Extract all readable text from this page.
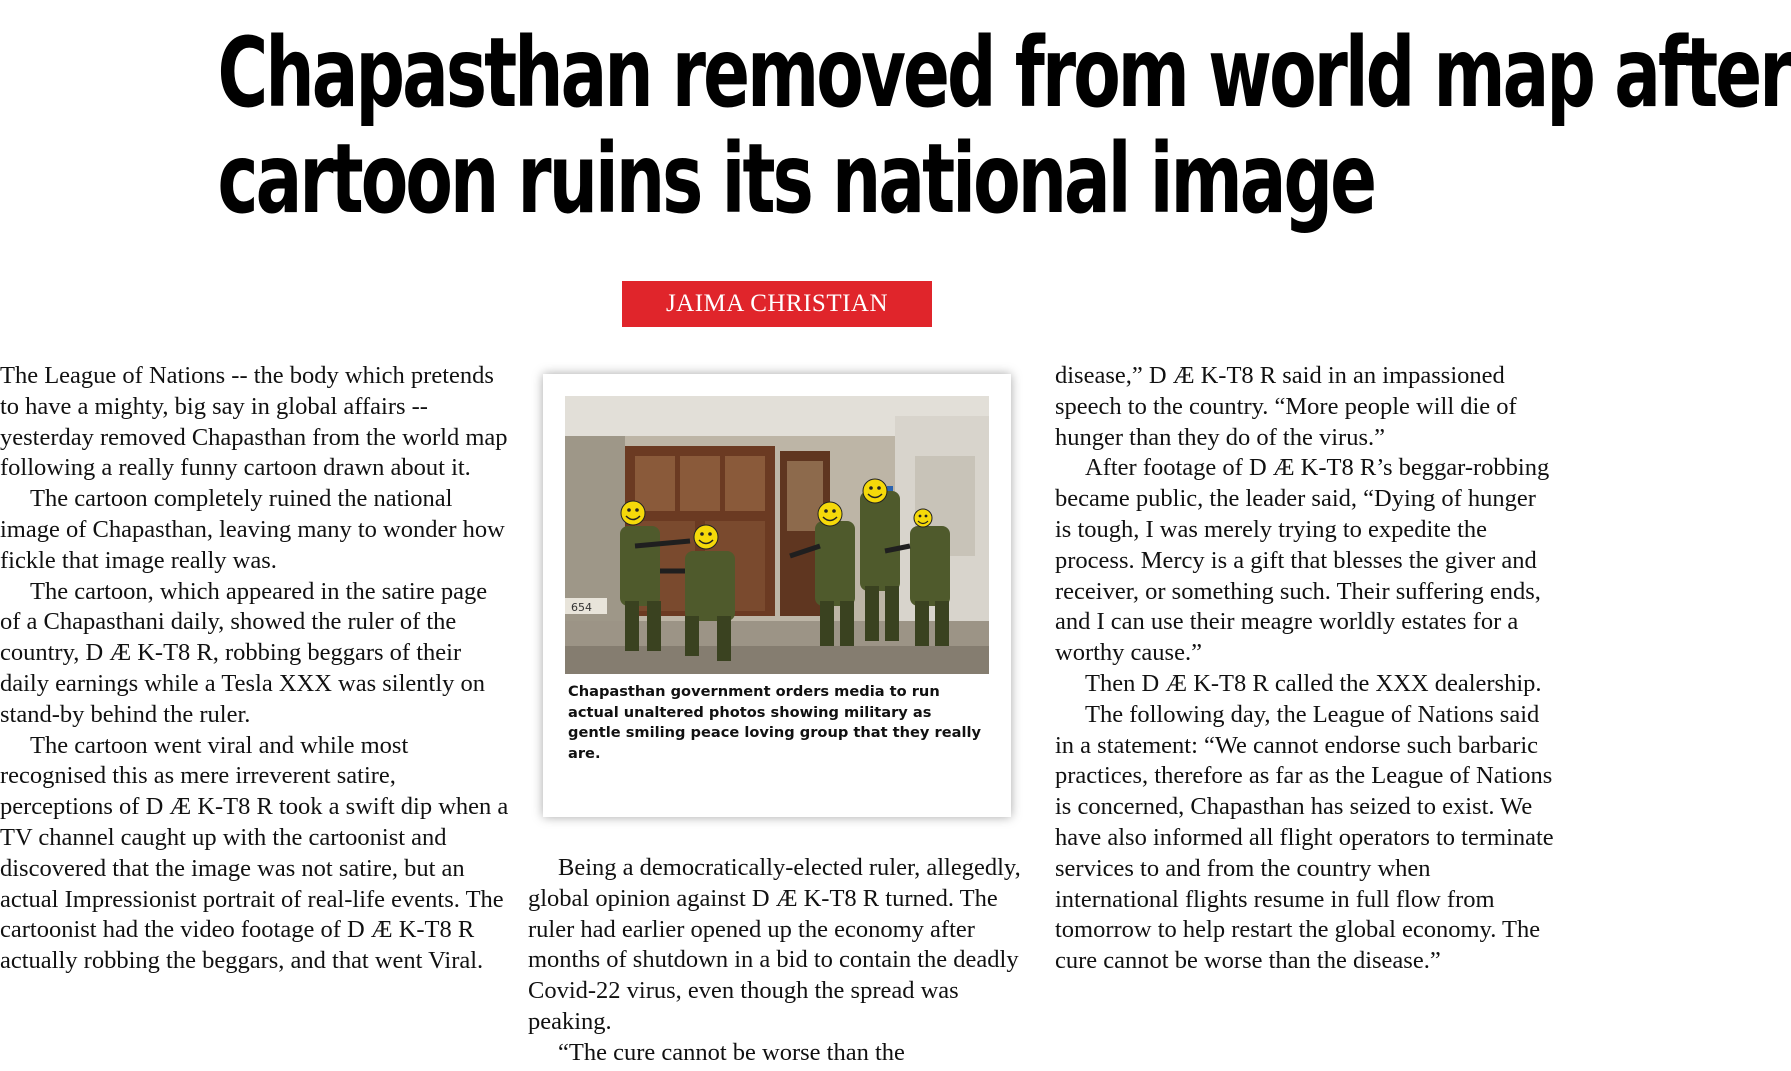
Chapasthan removed from world map after
cartoon ruins its national image
JAIMA CHRISTIAN

The League of Nations -- the body which pretends to have a mighty, big say in global affairs -- yesterday removed Chapasthan from the world map following a really funny cartoon drawn about it.

The cartoon completely ruined the national image of Chapasthan, leaving many to wonder how fickle that image really was.

The cartoon, which appeared in the satire page of a Chapasthani daily, showed the ruler of the country, D Æ K-T8 R, robbing beggars of their daily earnings while a Tesla XXX was silently on stand-by behind the ruler.

The cartoon went viral and while most recognised this as mere irreverent satire, perceptions of D Æ K-T8 R took a swift dip when a TV channel caught up with the cartoonist and discovered that the image was not satire, but an actual Impressionist portrait of real-life events. The cartoonist had the video footage of D Æ K-T8 R actually robbing the beggars, and that went Viral.

654
Chapasthan government orders media to run actual unaltered photos showing military as gentle smiling peace loving group that they really are.

Being a democratically-elected ruler, allegedly, global opinion against D Æ K-T8 R turned. The ruler had earlier opened up the economy after months of shutdown in a bid to contain the deadly Covid-22 virus, even though the spread was peaking.

“The cure cannot be worse than the

disease,” D Æ K-T8 R said in an impassioned speech to the country. “More people will die of hunger than they do of the virus.”

After footage of D Æ K-T8 R’s beggar-robbing became public, the leader said, “Dying of hunger is tough, I was merely trying to expedite the process. Mercy is a gift that blesses the giver and receiver, or something such. Their suffering ends, and I can use their meagre worldly estates for a worthy cause.”

Then D Æ K-T8 R called the XXX dealership.

The following day, the League of Nations said in a statement: “We cannot endorse such barbaric practices, therefore as far as the League of Nations is concerned, Chapasthan has seized to exist. We have also informed all flight operators to terminate services to and from the country when international flights resume in full flow from tomorrow to help restart the global economy. The cure cannot be worse than the disease.”
